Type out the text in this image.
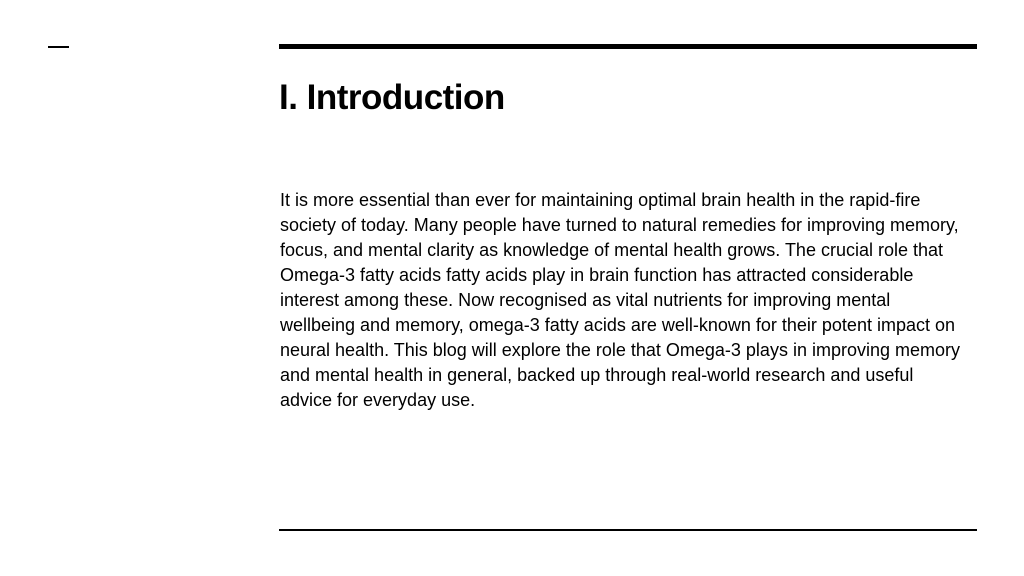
I. Introduction

It is more essential than ever for maintaining optimal brain health in the rapid-fire society of today. Many people have turned to natural remedies for improving memory, focus, and mental clarity as knowledge of mental health grows. The crucial role that Omega-3 fatty acids fatty acids play in brain function has attracted considerable interest among these. Now recognised as vital nutrients for improving mental wellbeing and memory, omega-3 fatty acids are well-known for their potent impact on neural health. This blog will explore the role that Omega-3 plays in improving memory and mental health in general, backed up through real-world research and useful advice for everyday use.
